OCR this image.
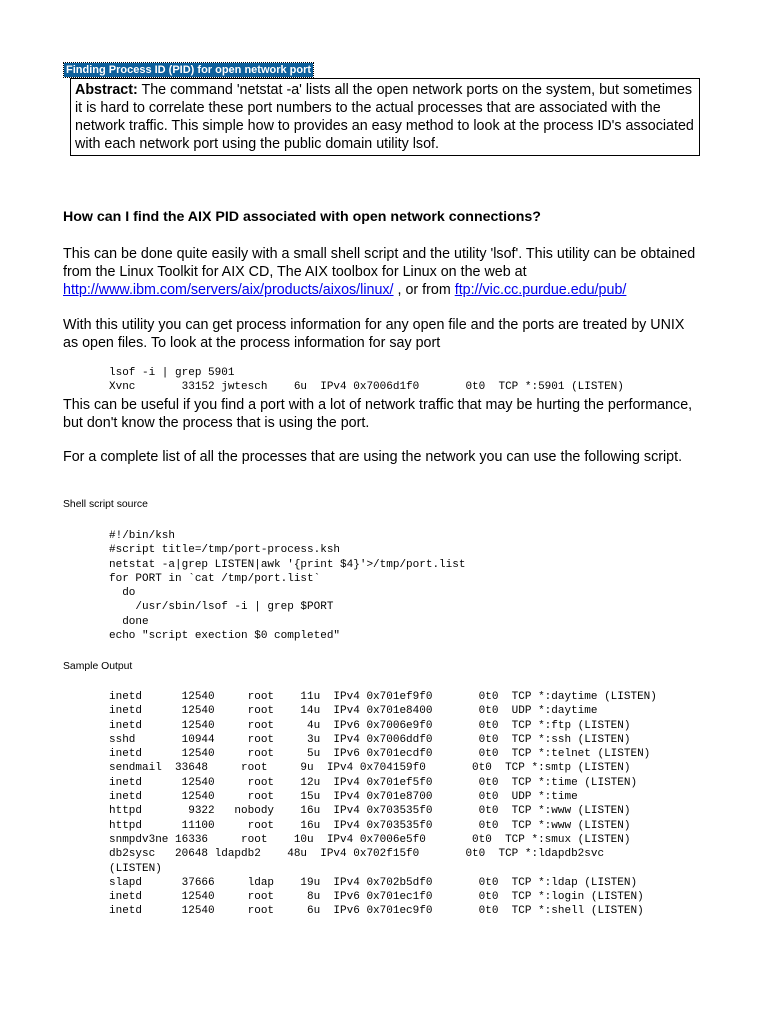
Finding Process ID (PID) for open network port
Abstract: The command 'netstat -a' lists all the open network ports on the system, but sometimes it is hard to correlate these port numbers to the actual processes that are associated with the network traffic. This simple how to provides an easy method to look at the process ID's associated with each network port using the public domain utility lsof.
How can I find the AIX PID associated with open network connections?
This can be done quite easily with a small shell script and the utility 'lsof'. This utility can be obtained from the Linux Toolkit for AIX CD, The AIX toolbox for Linux on the web at http://www.ibm.com/servers/aix/products/aixos/linux/ , or from ftp://vic.cc.purdue.edu/pub/
With this utility you can get process information for any open file and the ports are treated by UNIX as open files. To look at the process information for say port
lsof -i | grep 5901
Xvnc       33152 jwtesch    6u  IPv4 0x7006d1f0       0t0  TCP *:5901 (LISTEN)
This can be useful if you find a port with a lot of network traffic that may be hurting the performance, but don't know the process that is using the port.
For a complete list of all the processes that are using the network you can use the following script.
Shell script source
#!/bin/ksh
#script title=/tmp/port-process.ksh
netstat -a|grep LISTEN|awk '{print $4}'>/tmp/port.list
for PORT in `cat /tmp/port.list`
do
/usr/sbin/lsof -i | grep $PORT
done
echo "script exection $0 completed"
Sample Output
inetd      12540     root    11u  IPv4 0x701ef9f0       0t0  TCP *:daytime (LISTEN)
inetd      12540     root    14u  IPv4 0x701e8400       0t0  UDP *:daytime
inetd      12540     root     4u  IPv6 0x7006e9f0       0t0  TCP *:ftp (LISTEN)
sshd       10944     root     3u  IPv4 0x7006ddf0       0t0  TCP *:ssh (LISTEN)
inetd      12540     root     5u  IPv6 0x701ecdf0       0t0  TCP *:telnet (LISTEN)
sendmail  33648     root     9u  IPv4 0x704159f0       0t0  TCP *:smtp (LISTEN)
inetd      12540     root    12u  IPv4 0x701ef5f0       0t0  TCP *:time (LISTEN)
inetd      12540     root    15u  IPv4 0x701e8700       0t0  UDP *:time
httpd       9322   nobody    16u  IPv4 0x703535f0       0t0  TCP *:www (LISTEN)
httpd      11100     root    16u  IPv4 0x703535f0       0t0  TCP *:www (LISTEN)
snmpdv3ne 16336     root    10u  IPv4 0x7006e5f0       0t0  TCP *:smux (LISTEN)
db2sysc   20648 ldapdb2    48u  IPv4 0x702f15f0       0t0  TCP *:ldapdb2svc
(LISTEN)
slapd      37666     ldap    19u  IPv4 0x702b5df0       0t0  TCP *:ldap (LISTEN)
inetd      12540     root     8u  IPv6 0x701ec1f0       0t0  TCP *:login (LISTEN)
inetd      12540     root     6u  IPv6 0x701ec9f0       0t0  TCP *:shell (LISTEN)
